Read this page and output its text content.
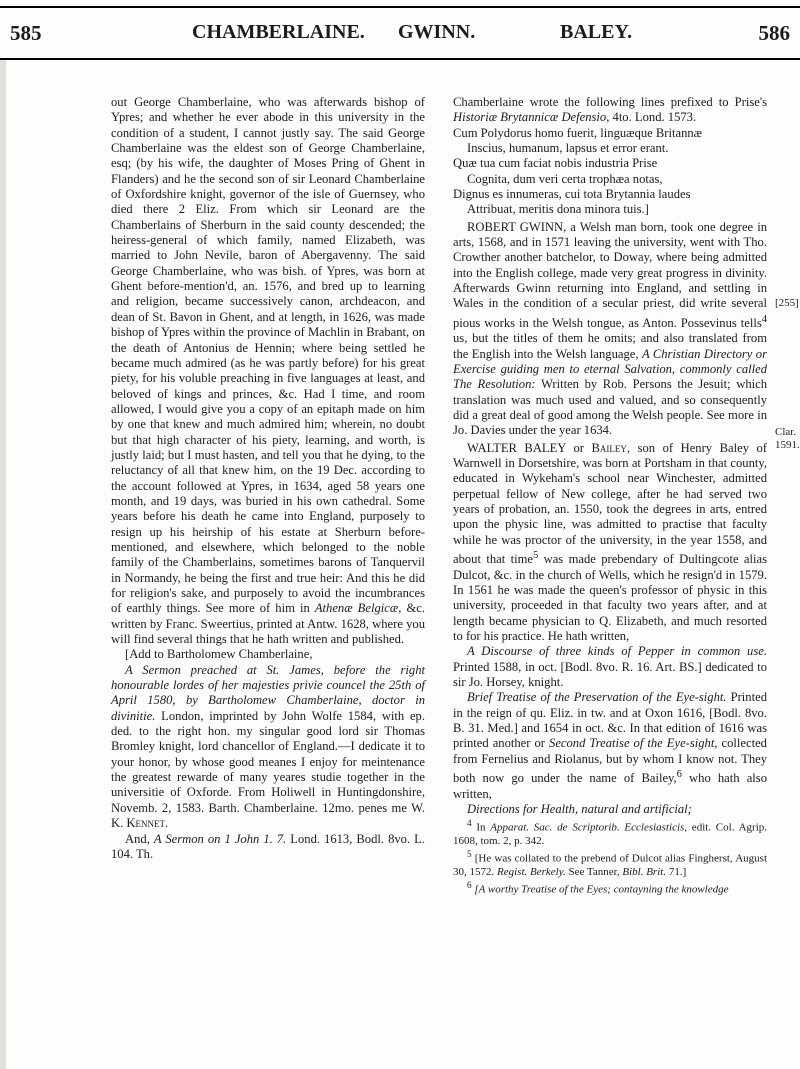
585	CHAMBERLAINE. GWINN.	BALEY.	586

out George Chamberlaine, who was afterwards bishop of Ypres; and whether he ever abode in this university in the condition of a student, I cannot justly say. The said George Chamberlaine was the eldest son of George Chamberlaine, esq; (by his wife, the daughter of Moses Pring of Ghent in Flanders) and he the second son of sir Leonard Chamberlaine of Oxfordshire knight, governor of the isle of Guernsey, who died there 2 Eliz. From which sir Leonard are the Chamberlains of Sherburn in the said county descended; the heiress-general of which family, named Elizabeth, was married to John Nevile, baron of Abergavenny. The said George Chamberlaine, who was bish. of Ypres, was born at Ghent before-mention'd, an. 1576, and bred up to learning and religion, became successively canon, archdeacon, and dean of St. Bavon in Ghent, and at length, in 1626, was made bishop of Ypres within the province of Machlin in Brabant, on the death of Antonius de Hennin; where being settled he became much admired (as he was partly before) for his great piety, for his voluble preaching in five languages at least, and beloved of kings and princes, &c. Had I time, and room allowed, I would give you a copy of an epitaph made on him by one that knew and much admired him; wherein, no doubt but that high character of his piety, learning, and worth, is justly laid; but I must hasten, and tell you that he dying, to the reluctancy of all that knew him, on the 19 Dec. according to the account followed at Ypres, in 1634, aged 58 years one month, and 19 days, was buried in his own cathedral. Some years before his death he came into England, purposely to resign up his heirship of his estate at Sherburn before-mentioned, and elsewhere, which belonged to the noble family of the Chamberlains, sometimes barons of Tanquervil in Normandy, he being the first and true heir: And this he did for religion's sake, and purposely to avoid the incumbrances of earthly things. See more of him in Athenæ Belgicæ, &c. written by Franc. Sweertius, printed at Antw. 1628, where you will find several things that he hath written and published.

[Add to Bartholomew Chamberlaine,

A Sermon preached at St. James, before the right honourable lordes of her majesties privie councel the 25th of April 1580, by Bartholomew Chamberlaine, doctor in divinitie. London, imprinted by John Wolfe 1584, with ep. ded. to the right hon. my singular good lord sir Thomas Bromley knight, lord chancellor of England.—I dedicate it to your honor, by whose good meanes I enjoy for meintenance the greatest rewarde of many yeares studie together in the universitie of Oxforde. From Holiwell in Huntingdonshire, Novemb. 2, 1583. Barth. Chamberlaine. 12mo. penes me W. K. Kennet.

And, A Sermon on 1 John 1. 7. Lond. 1613, Bodl. 8vo. L. 104. Th.

Chamberlaine wrote the following lines prefixed to Prise's Historiæ Brytannicæ Defensio, 4to. Lond. 1573.

Cum Polydorus homo fuerit, linguæque Britannæ

Inscius, humanum, lapsus et error erant.

Quæ tua cum faciat nobis industria Prise

Cognita, dum veri certa trophæa notas,

Dignus es innumeras, cui tota Brytannia laudes

Attribuat, meritis dona minora tuis.]

ROBERT GWINN, a Welsh man born, took one degree in arts, 1568, and in 1571 leaving the university, went with Tho. Crowther another batchelor, to Doway, where being admitted into the English college, made very great progress in divinity. Afterwards Gwinn returning into England, and settling in Wales in the condition of a secular priest, did write several pious works in the Welsh tongue, as Anton. Possevinus tells$^4$ us, but the titles of them he omits; and also translated from the English into the Welsh language, A Christian Directory or Exercise guiding men to eternal Salvation, commonly called The Resolution: Written by Rob. Persons the Jesuit; which translation was much used and valued, and so consequently did a great deal of good among the Welsh people. See more in Jo. Davies under the year 1634.

WALTER BALEY or Bailey, son of Henry Baley of Warnwell in Dorsetshire, was born at Portsham in that county, educated in Wykeham's school near Winchester, admitted perpetual fellow of New college, after he had served two years of probation, an. 1550, took the degrees in arts, entred upon the physic line, was admitted to practise that faculty while he was proctor of the university, in the year 1558, and about that time$^5$ was made prebendary of Dultingcote alias Dulcot, &c. in the church of Wells, which he resign'd in 1579. In 1561 he was made the queen's professor of physic in this university, proceeded in that faculty two years after, and at length became physician to Q. Elizabeth, and much resorted to for his practice. He hath written,

A Discourse of three kinds of Pepper in common use. Printed 1588, in oct. [Bodl. 8vo. R. 16. Art. BS.] dedicated to sir Jo. Horsey, knight.

Brief Treatise of the Preservation of the Eye-sight. Printed in the reign of qu. Eliz. in tw. and at Oxon 1616, [Bodl. 8vo. B. 31. Med.] and 1654 in oct. &c. In that edition of 1616 was printed another or Second Treatise of the Eye-sight, collected from Fernelius and Riolanus, but by whom I know not. They both now go under the name of Bailey,$^6$ who hath also written,

Directions for Health, natural and artificial;

$^4$ In Apparat. Sac. de Scriptorib. Ecclesiasticis, edit. Col. Agrip. 1608, tom. 2, p. 342.

$^5$ [He was collated to the prebend of Dulcot alias Fingherst, August 30, 1572. Regist. Berkely. See Tanner, Bibl. Brit. 71.]

$^6$ [A worthy Treatise of the Eyes; contayning the knowledge

[255]
Clar. 1591.
